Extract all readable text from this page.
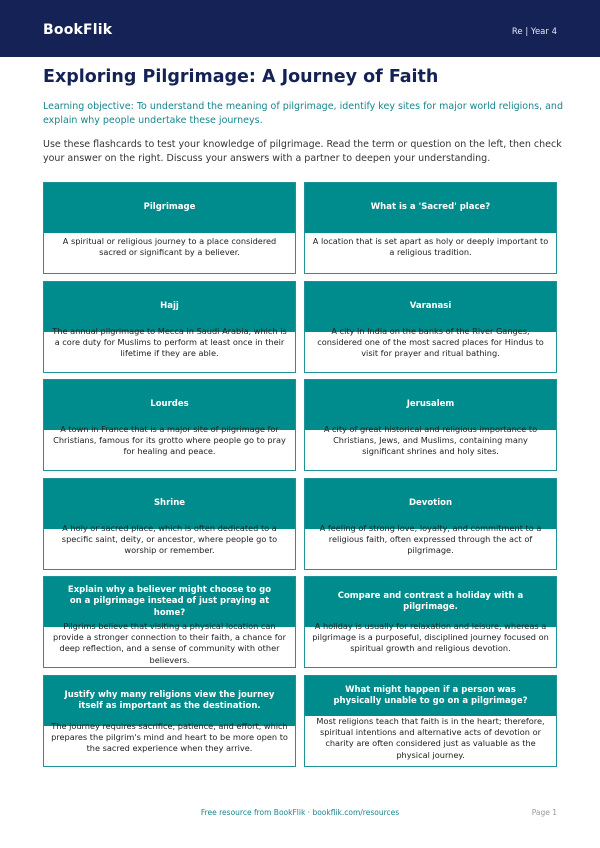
BookFlik	Re | Year 4
Exploring Pilgrimage: A Journey of Faith

Learning objective: To understand the meaning of pilgrimage, identify key sites for major world religions, and explain why people undertake these journeys.

Use these flashcards to test your knowledge of pilgrimage. Read the term or question on the left, then check your answer on the right. Discuss your answers with a partner to deepen your understanding.

Pilgrimage
A spiritual or religious journey to a place considered sacred or significant by a believer.
What is a 'Sacred' place?
A location that is set apart as holy or deeply important to a religious tradition.
Hajj
The annual pilgrimage to Mecca in Saudi Arabia, which is a core duty for Muslims to perform at least once in their lifetime if they are able.
Varanasi
A city in India on the banks of the River Ganges, considered one of the most sacred places for Hindus to visit for prayer and ritual bathing.
Lourdes
A town in France that is a major site of pilgrimage for Christians, famous for its grotto where people go to pray for healing and peace.
Jerusalem
A city of great historical and religious importance to Christians, Jews, and Muslims, containing many significant shrines and holy sites.
Shrine
A holy or sacred place, which is often dedicated to a specific saint, deity, or ancestor, where people go to worship or remember.
Devotion
A feeling of strong love, loyalty, and commitment to a religious faith, often expressed through the act of pilgrimage.
Explain why a believer might choose to go on a pilgrimage instead of just praying at home?
Pilgrims believe that visiting a physical location can provide a stronger connection to their faith, a chance for deep reflection, and a sense of community with other believers.
Compare and contrast a holiday with a pilgrimage.
A holiday is usually for relaxation and leisure, whereas a pilgrimage is a purposeful, disciplined journey focused on spiritual growth and religious devotion.
Justify why many religions view the journey itself as important as the destination.
The journey requires sacrifice, patience, and effort, which prepares the pilgrim's mind and heart to be more open to the sacred experience when they arrive.
What might happen if a person was physically unable to go on a pilgrimage?
Most religions teach that faith is in the heart; therefore, spiritual intentions and alternative acts of devotion or charity are often considered just as valuable as the physical journey.
Free resource from BookFlik · bookflik.com/resources	Page 1
